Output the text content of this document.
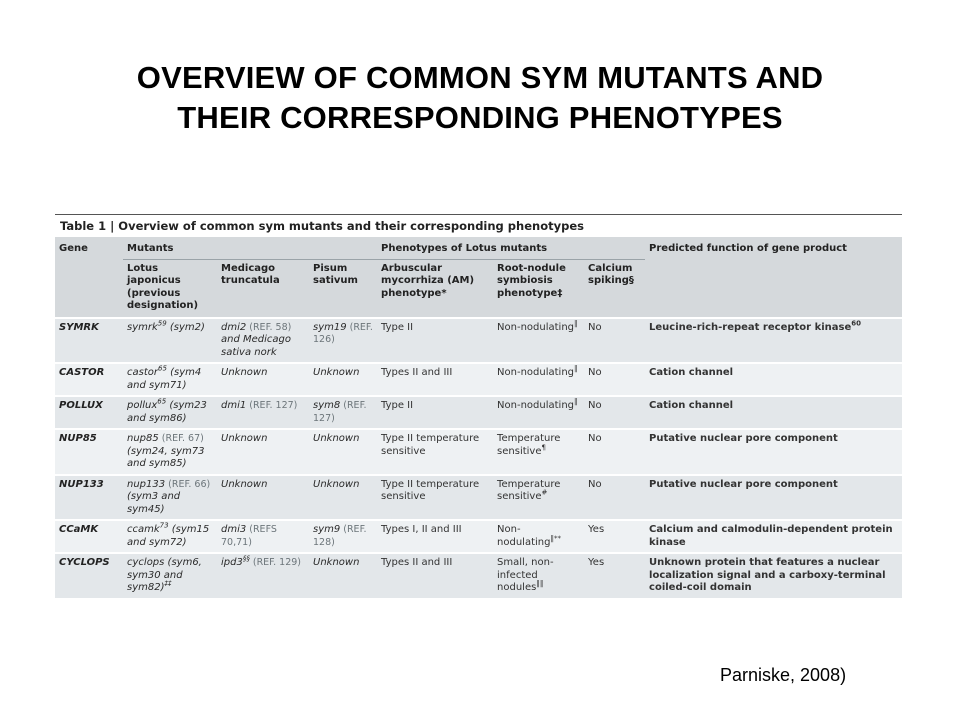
OVERVIEW OF COMMON SYM MUTANTS AND
THEIR CORRESPONDING PHENOTYPES
Table 1 | Overview of common sym mutants and their corresponding phenotypes
Gene	Mutants			Phenotypes of Lotus mutants			Predicted function of gene product
	Lotus japonicus (previous designation)	Medicago truncatula	Pisum sativum	Arbuscular mycorrhiza (AM) phenotype*	Root-nodule symbiosis phenotype‡	Calcium spiking§	
SYMRK	symrk$^{59}$ (sym2)	dmi2 (REF. 58) and Medicago sativa nork	sym19 (REF. 126)	Type II	Non-nodulating‖	No	Leucine-rich-repeat receptor kinase$^{60}$
CASTOR	castor$^{65}$ (sym4 and sym71)	Unknown	Unknown	Types II and III	Non-nodulating‖	No	Cation channel
POLLUX	pollux$^{65}$ (sym23 and sym86)	dmi1 (REF. 127)	sym8 (REF. 127)	Type II	Non-nodulating‖	No	Cation channel
NUP85	nup85 (REF. 67) (sym24, sym73 and sym85)	Unknown	Unknown	Type II temperature sensitive	Temperature sensitive¶	No	Putative nuclear pore component
NUP133	nup133 (REF. 66) (sym3 and sym45)	Unknown	Unknown	Type II temperature sensitive	Temperature sensitive#	No	Putative nuclear pore component
CCaMK	ccamk$^{73}$ (sym15 and sym72)	dmi3 (REFS 70,71)	sym9 (REF. 128)	Types I, II and III	Non-nodulating‖**	Yes	Calcium and calmodulin-dependent protein kinase
CYCLOPS	cyclops (sym6, sym30 and sym82)‡‡	ipd3§§ (REF. 129)	Unknown	Types II and III	Small, non-infected nodules‖‖	Yes	Unknown protein that features a nuclear localization signal and a carboxy-terminal coiled-coil domain
Parniske, 2008)
